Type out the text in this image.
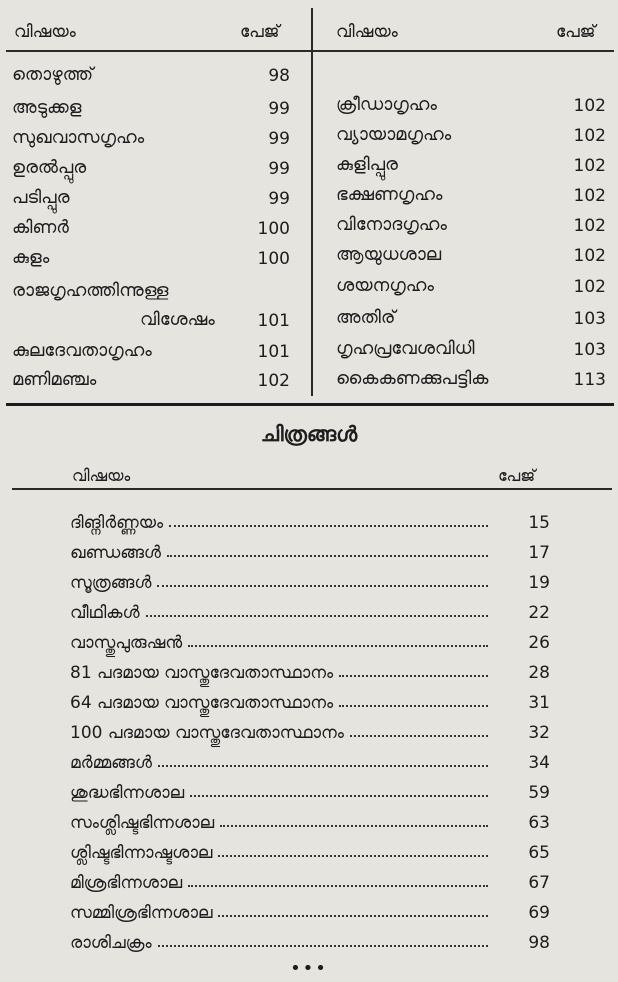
വിഷയം	പേജ്	വിഷയം	പേജ്
തൊഴുത്ത്	98
അടുക്കള	99
സുഖവാസഗൃഹം	99
ഉരൽപ്പുര	99
പടിപ്പുര	99
കിണർ	100
കുളം	100
രാജഗൃഹത്തിന്നുള്ള
വിശേഷം	101
കുലദേവതാഗൃഹം	101
മണിമഞ്ചം	102
ക്രീഡാഗൃഹം	102
വ്യായാമഗൃഹം	102
കുളിപ്പുര	102
ഭക്ഷണഗൃഹം	102
വിനോദഗൃഹം	102
ആയുധശാല	102
ശയനഗൃഹം	102
അതിര്	103
ഗൃഹപ്രവേശവിധി	103
കൈകണക്കുപട്ടിക	113
ചിത്രങ്ങൾ
വിഷയം	പേജ്
ദിങ്നിർണ്ണയം	15
ഖണ്ഡങ്ങൾ	17
സൂത്രങ്ങൾ	19
വീഥികൾ	22
വാസ്തുപുരുഷൻ	26
81 പദമായ വാസ്തുദേവതാസ്ഥാനം	28
64 പദമായ വാസ്തുദേവതാസ്ഥാനം	31
100 പദമായ വാസ്തുദേവതാസ്ഥാനം	32
മർമ്മങ്ങൾ	34
ശുദ്ധഭിന്നശാല	59
സംശ്ലിഷ്ടഭിന്നശാല	63
ശ്ലിഷ്ടഭിന്നാഷ്ടശാല	65
മിശ്രഭിന്നശാല	67
സമ്മിശ്രഭിന്നശാല	69
രാശിചക്രം	98
•••
